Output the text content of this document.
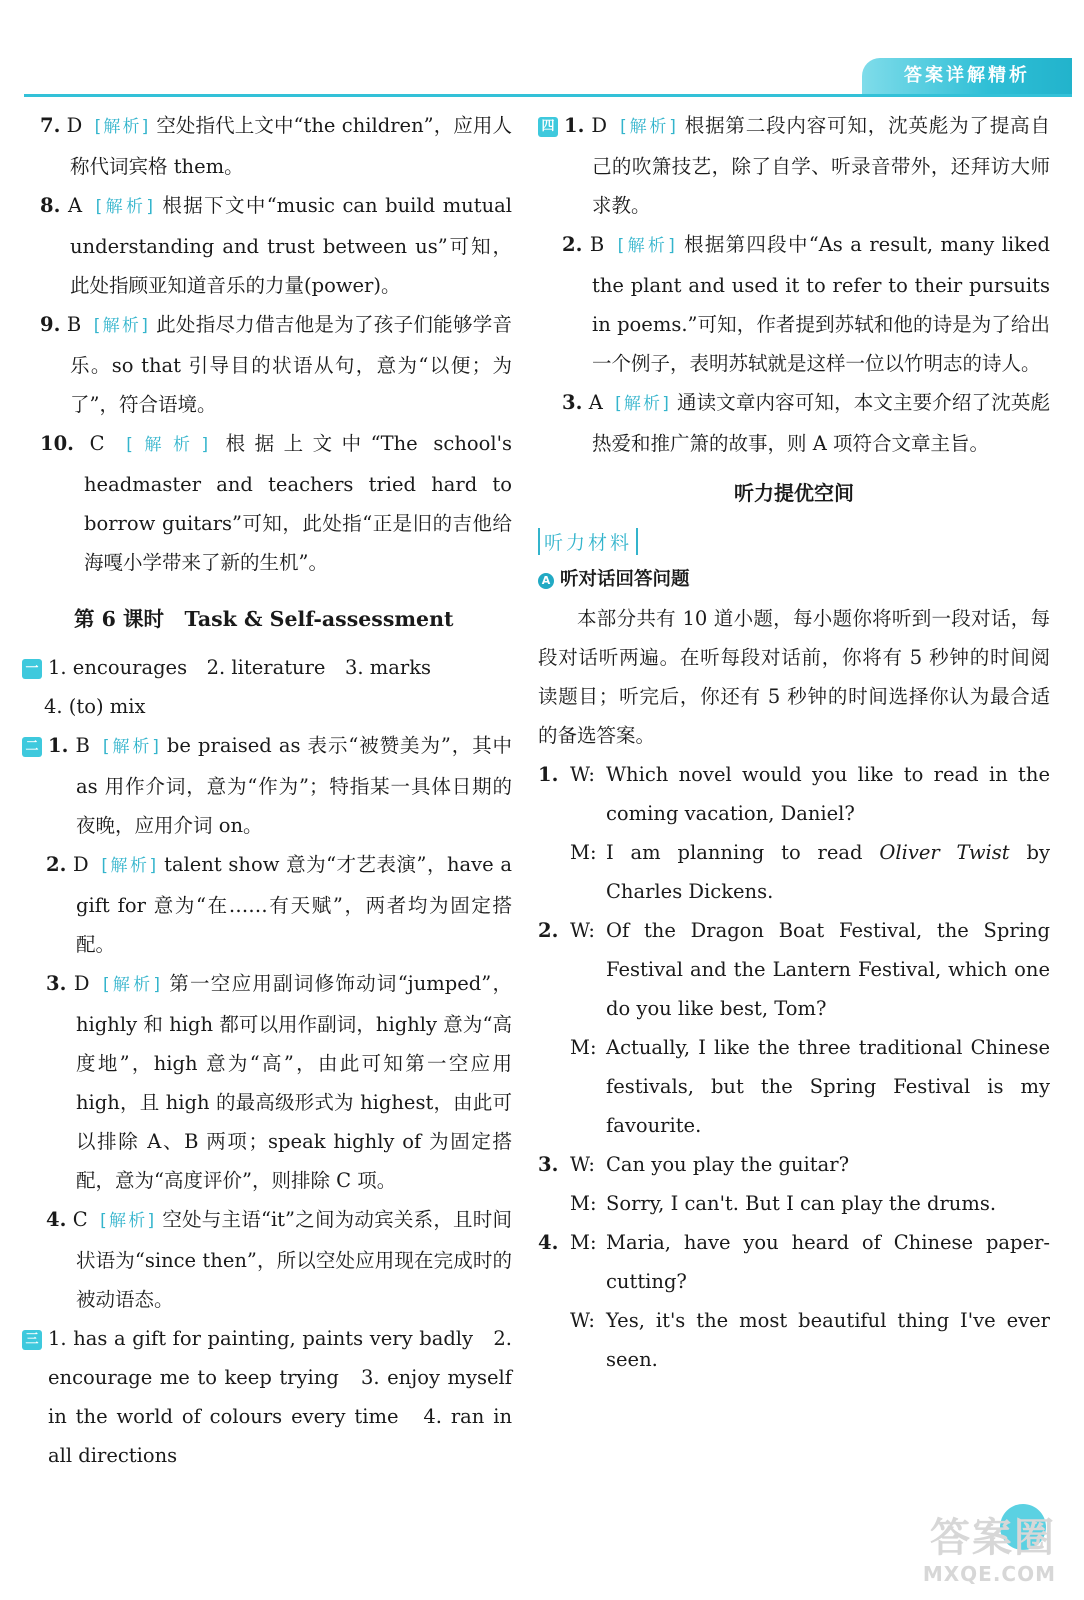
答案详解精析

7. D [解析] 空处指代上文中“the children”，应用人称代词宾格 them。

8. A [解析] 根据下文中“music can build mutual understanding and trust between us”可知，此处指顾亚知道音乐的力量(power)。

9. B [解析] 此处指尽力借吉他是为了孩子们能够学音乐。so that 引导目的状语从句，意为“以便；为了”，符合语境。

10. C [解析] 根据上文中“The school's headmaster and teachers tried hard to borrow guitars”可知，此处指“正是旧的吉他给海嘎小学带来了新的生机”。

第 6 课时　Task & Self-assessment

一 1. encourages　2. literature　3. marks

4. (to) mix

二 1. B [解析] be praised as 表示“被赞美为”，其中 as 用作介词，意为“作为”；特指某一具体日期的夜晚，应用介词 on。

2. D [解析] talent show 意为“才艺表演”，have a gift for 意为“在……有天赋”，两者均为固定搭配。

3. D [解析] 第一空应用副词修饰动词“jumped”，highly 和 high 都可以用作副词，highly 意为“高度地”，high 意为“高”，由此可知第一空应用 high，且 high 的最高级形式为 highest，由此可以排除 A、B 两项；speak highly of 为固定搭配，意为“高度评价”，则排除 C 项。

4. C [解析] 空处与主语“it”之间为动宾关系，且时间状语为“since then”，所以空处应用现在完成时的被动语态。

三 1. has a gift for painting, paints very badly　2. encourage me to keep trying　3. enjoy myself in the world of colours every time　4. ran in all directions

四 1. D [解析] 根据第二段内容可知，沈英彪为了提高自己的吹箫技艺，除了自学、听录音带外，还拜访大师求教。

2. B [解析] 根据第四段中“As a result, many liked the plant and used it to refer to their pursuits in poems.”可知，作者提到苏轼和他的诗是为了给出一个例子，表明苏轼就是这样一位以竹明志的诗人。

3. A [解析] 通读文章内容可知，本文主要介绍了沈英彪热爱和推广箫的故事，则 A 项符合文章主旨。

听力提优空间
听力材料
A 听对话回答问题

本部分共有 10 道小题，每小题你将听到一段对话，每段对话听两遍。在听每段对话前，你将有 5 秒钟的时间阅读题目；听完后，你还有 5 秒钟的时间选择你认为最合适的备选答案。

1. W: Which novel would you like to read in the coming vacation, Daniel?
M: I am planning to read Oliver Twist by Charles Dickens.
2. W: Of the Dragon Boat Festival, the Spring Festival and the Lantern Festival, which one do you like best, Tom?
M: Actually, I like the three traditional Chinese festivals, but the Spring Festival is my favourite.
3. W: Can you play the guitar?
M: Sorry, I can't. But I can play the drums.
4. M: Maria, have you heard of Chinese paper-cutting?
W: Yes, it's the most beautiful thing I've ever seen.
答案圈
MXQE.COM
